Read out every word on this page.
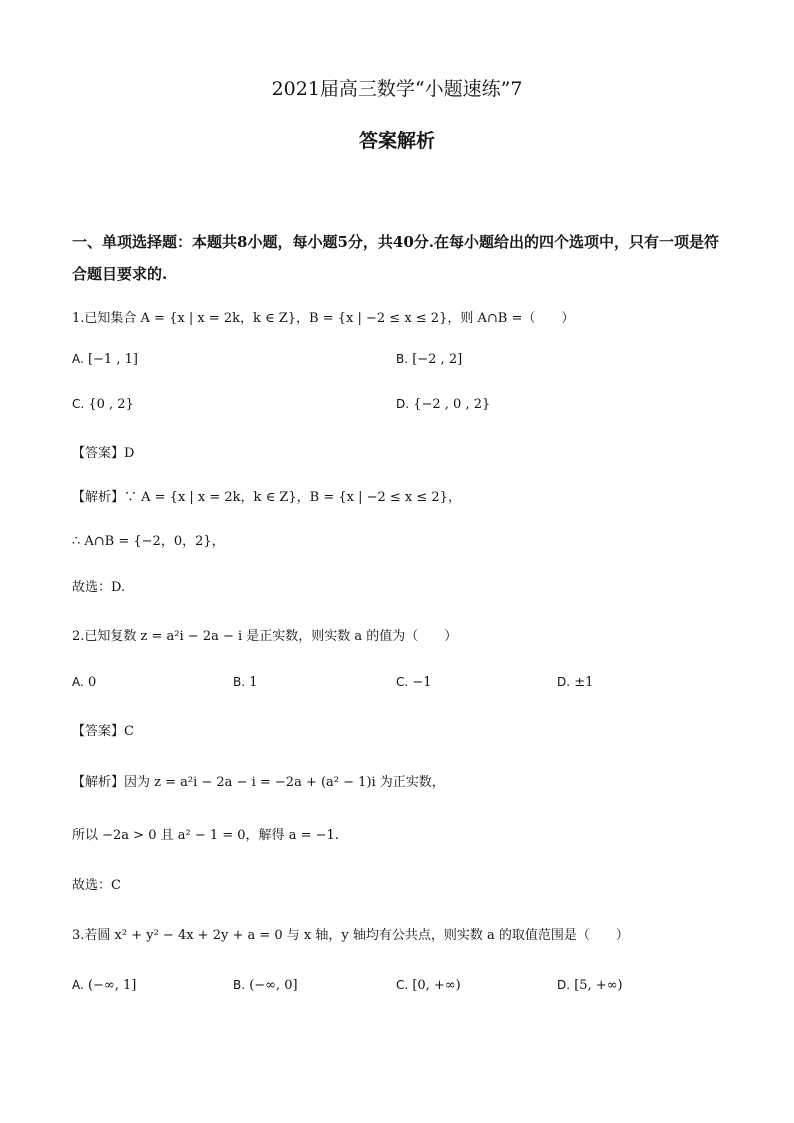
2021届高三数学“小题速练”7
答案解析
一、单项选择题：本题共8小题，每小题5分，共40分.在每小题给出的四个选项中，只有一项是符合题目要求的.
1.已知集合 A = {x | x = 2k，k ∈ Z}，B = {x | −2 ≤ x ≤ 2}，则 A∩B =（　　）
A. [−1 , 1]	B. [−2 , 2]
C. {0 , 2}	D. {−2 , 0 , 2}
【答案】D
【解析】∵ A = {x | x = 2k，k ∈ Z}，B = {x | −2 ≤ x ≤ 2}，
∴ A∩B = {−2，0，2}，
故选：D.
2.已知复数 z = a²i − 2a − i 是正实数，则实数 a 的值为（　　）
A. 0	B. 1	C. −1	D. ±1
【答案】C
【解析】因为 z = a²i − 2a − i = −2a + (a² − 1)i 为正实数，
所以 −2a > 0 且 a² − 1 = 0，解得 a = −1.
故选：C
3.若圆 x² + y² − 4x + 2y + a = 0 与 x 轴，y 轴均有公共点，则实数 a 的取值范围是（　　）
A. (−∞, 1]	B. (−∞, 0]	C. [0, +∞)	D. [5, +∞)
